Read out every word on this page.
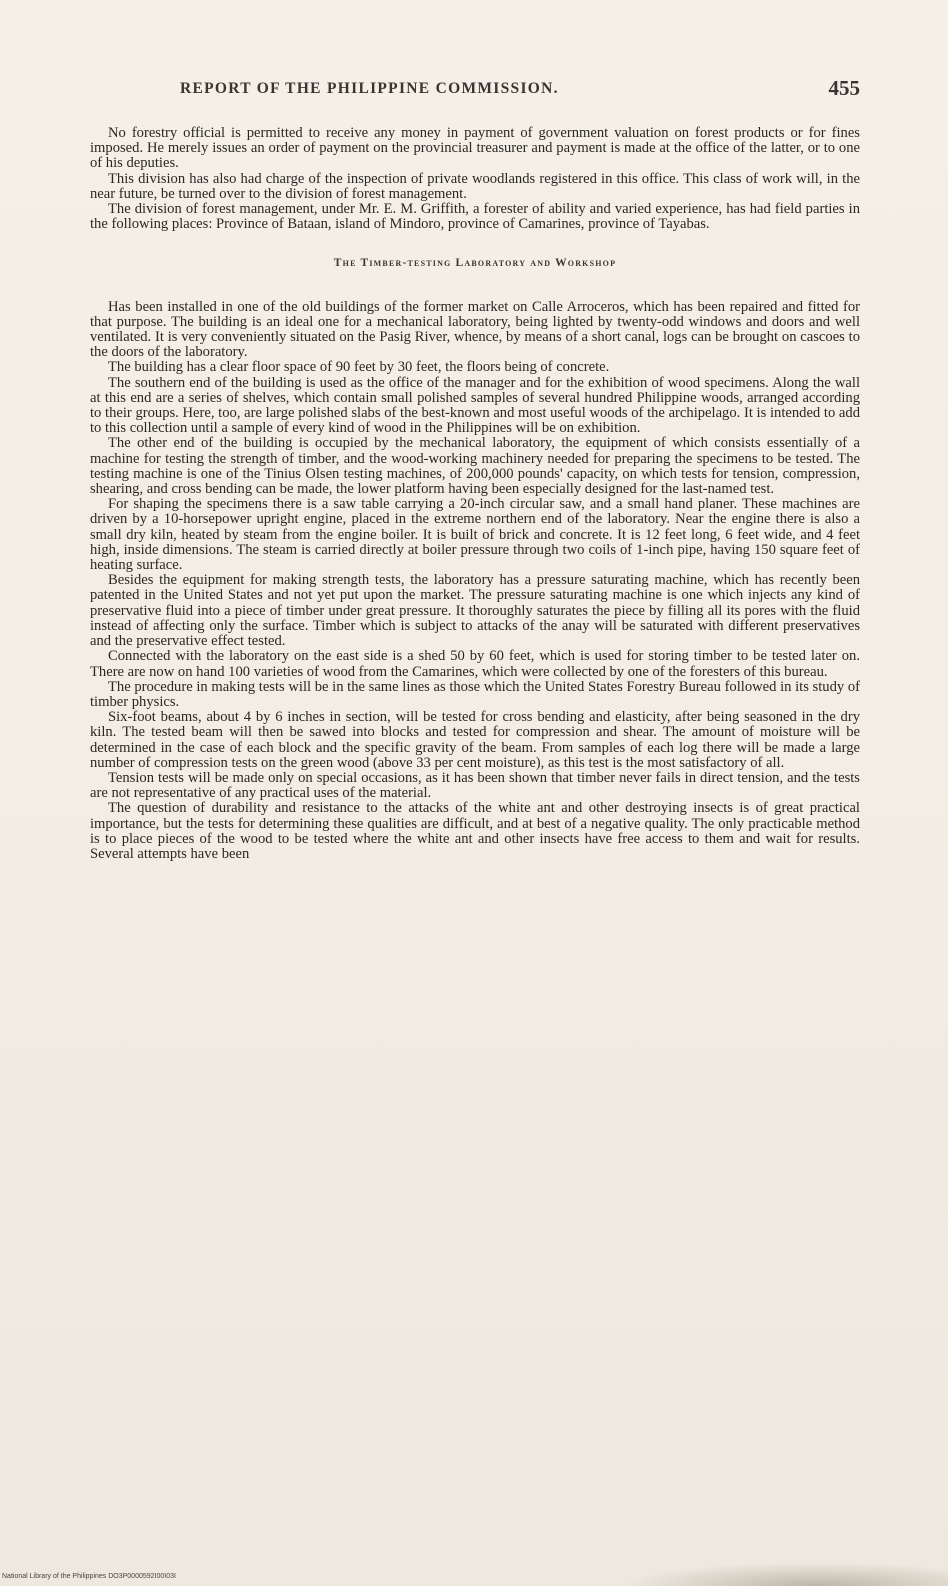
REPORT OF THE PHILIPPINE COMMISSION.	455

No forestry official is permitted to receive any money in payment of government valuation on forest products or for fines imposed. He merely issues an order of payment on the provincial treasurer and payment is made at the office of the latter, or to one of his deputies.

This division has also had charge of the inspection of private woodlands registered in this office. This class of work will, in the near future, be turned over to the division of forest management.

The division of forest management, under Mr. E. M. Griffith, a forester of ability and varied experience, has had field parties in the following places: Province of Bataan, island of Mindoro, province of Camarines, province of Tayabas.

The Timber-testing Laboratory and Workshop

Has been installed in one of the old buildings of the former market on Calle Arroceros, which has been repaired and fitted for that purpose. The building is an ideal one for a mechanical laboratory, being lighted by twenty-odd windows and doors and well ventilated. It is very conveniently situated on the Pasig River, whence, by means of a short canal, logs can be brought on cascoes to the doors of the laboratory.

The building has a clear floor space of 90 feet by 30 feet, the floors being of concrete.

The southern end of the building is used as the office of the manager and for the exhibition of wood specimens. Along the wall at this end are a series of shelves, which contain small polished samples of several hundred Philippine woods, arranged according to their groups. Here, too, are large polished slabs of the best-known and most useful woods of the archipelago. It is intended to add to this collection until a sample of every kind of wood in the Philippines will be on exhibition.

The other end of the building is occupied by the mechanical laboratory, the equipment of which consists essentially of a machine for testing the strength of timber, and the wood-working machinery needed for preparing the specimens to be tested. The testing machine is one of the Tinius Olsen testing machines, of 200,000 pounds' capacity, on which tests for tension, compression, shearing, and cross bending can be made, the lower platform having been especially designed for the last-named test.

For shaping the specimens there is a saw table carrying a 20-inch circular saw, and a small hand planer. These machines are driven by a 10-horsepower upright engine, placed in the extreme northern end of the laboratory. Near the engine there is also a small dry kiln, heated by steam from the engine boiler. It is built of brick and concrete. It is 12 feet long, 6 feet wide, and 4 feet high, inside dimensions. The steam is carried directly at boiler pressure through two coils of 1-inch pipe, having 150 square feet of heating surface.

Besides the equipment for making strength tests, the laboratory has a pressure saturating machine, which has recently been patented in the United States and not yet put upon the market. The pressure saturating machine is one which injects any kind of preservative fluid into a piece of timber under great pressure. It thoroughly saturates the piece by filling all its pores with the fluid instead of affecting only the surface. Timber which is subject to attacks of the anay will be saturated with different preservatives and the preservative effect tested.

Connected with the laboratory on the east side is a shed 50 by 60 feet, which is used for storing timber to be tested later on. There are now on hand 100 varieties of wood from the Camarines, which were collected by one of the foresters of this bureau.

The procedure in making tests will be in the same lines as those which the United States Forestry Bureau followed in its study of timber physics.

Six-foot beams, about 4 by 6 inches in section, will be tested for cross bending and elasticity, after being seasoned in the dry kiln. The tested beam will then be sawed into blocks and tested for compression and shear. The amount of moisture will be determined in the case of each block and the specific gravity of the beam. From samples of each log there will be made a large number of compression tests on the green wood (above 33 per cent moisture), as this test is the most satisfactory of all.

Tension tests will be made only on special occasions, as it has been shown that timber never fails in direct tension, and the tests are not representative of any practical uses of the material.

The question of durability and resistance to the attacks of the white ant and other destroying insects is of great practical importance, but the tests for determining these qualities are difficult, and at best of a negative quality. The only practicable method is to place pieces of the wood to be tested where the white ant and other insects have free access to them and wait for results. Several attempts have been

National Library of the Philippines DO3P0000592I00I03I
